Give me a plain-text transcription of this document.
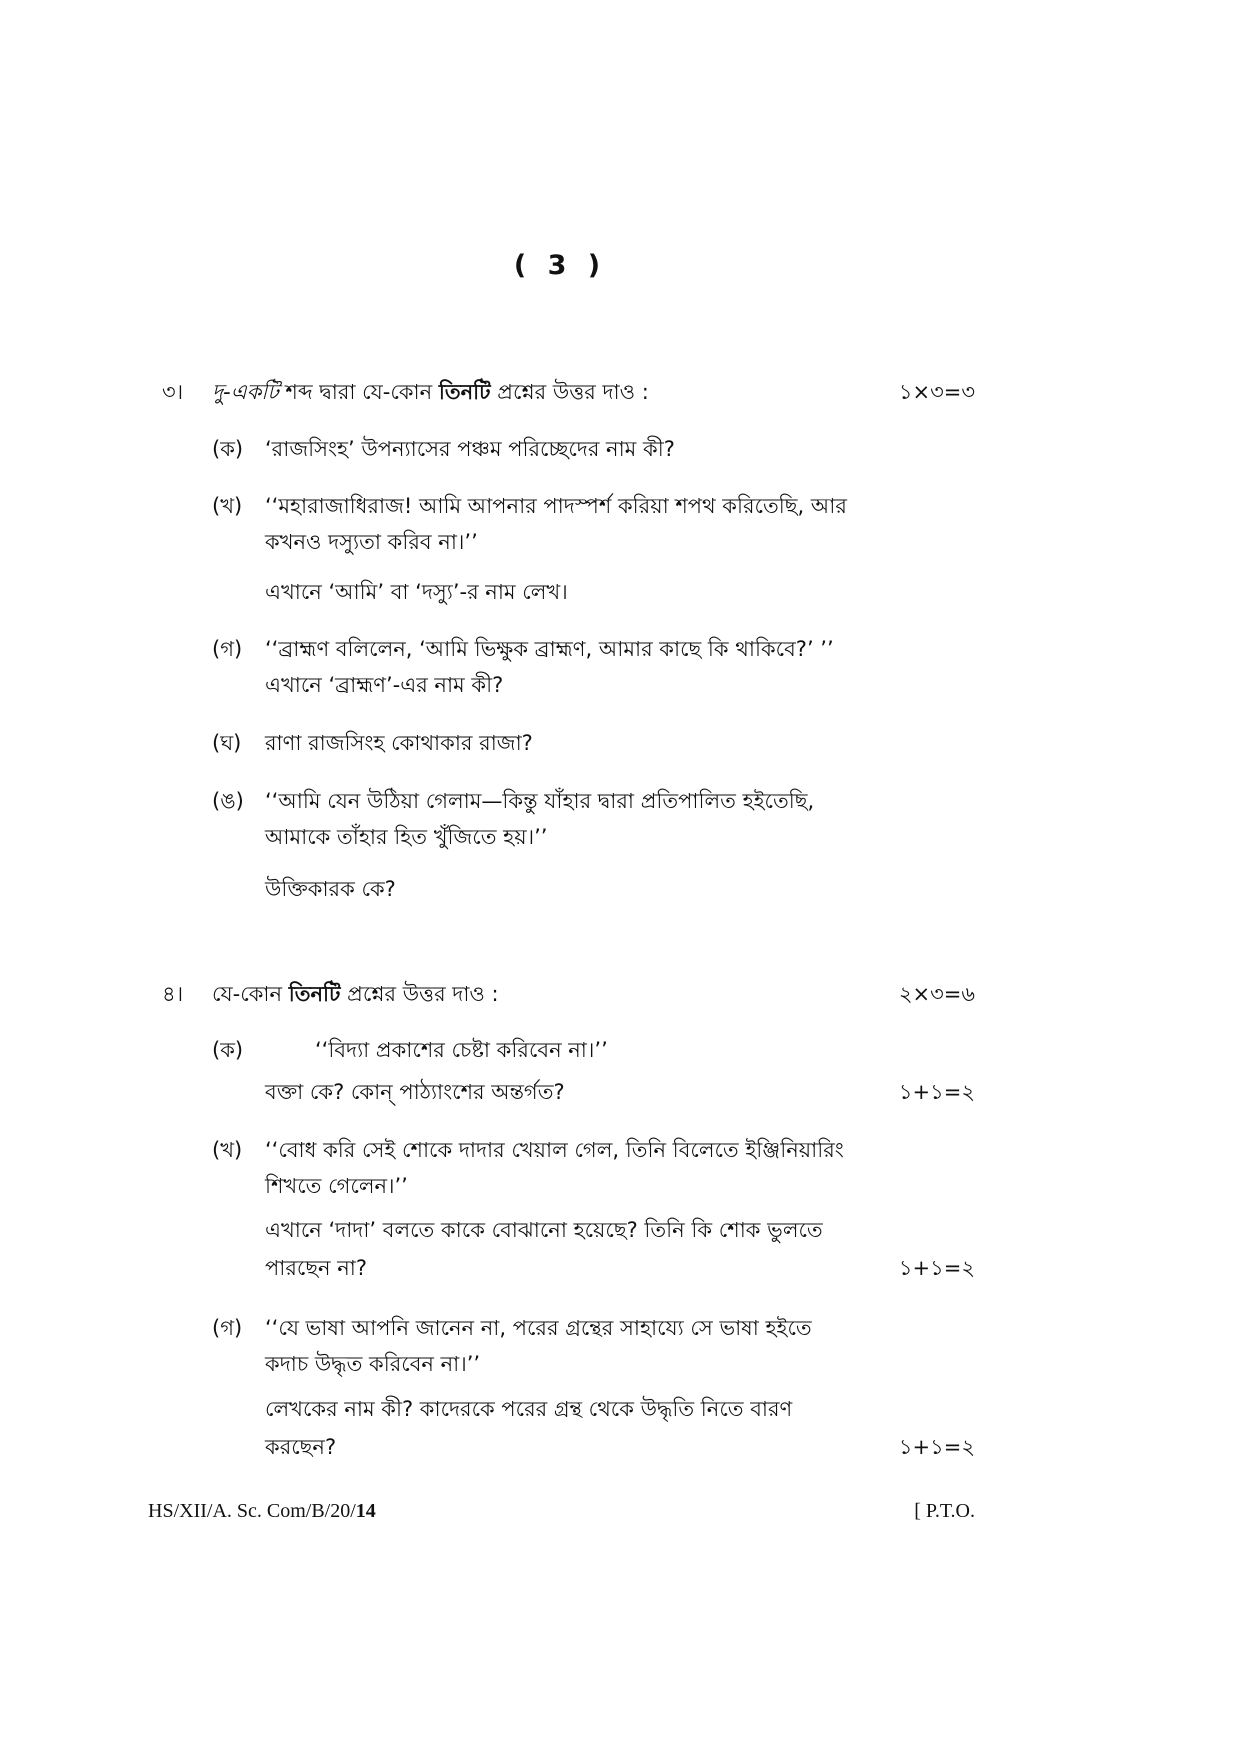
( 3 )
৩। দু-একটি শব্দ দ্বারা যে-কোন তিনটি প্রশ্নের উত্তর দাও :	১×৩=৩
(ক) ‘রাজসিংহ’ উপন্যাসের পঞ্চম পরিচ্ছেদের নাম কী?
(খ) ‘‘মহারাজাধিরাজ! আমি আপনার পাদস্পর্শ করিয়া শপথ করিতেছি, আর
কখনও দস্যুতা করিব না।’’
এখানে ‘আমি’ বা ‘দস্যু’-র নাম লেখ।
(গ) ‘‘ব্রাহ্মণ বলিলেন, ‘আমি ভিক্ষুক ব্রাহ্মণ, আমার কাছে কি থাকিবে?’ ’’
এখানে ‘ব্রাহ্মণ’-এর নাম কী?
(ঘ) রাণা রাজসিংহ কোথাকার রাজা?
(ঙ) ‘‘আমি যেন উঠিয়া গেলাম—কিন্তু যাঁহার দ্বারা প্রতিপালিত হইতেছি,
আমাকে তাঁহার হিত খুঁজিতে হয়।’’
উক্তিকারক কে?
৪। যে-কোন তিনটি প্রশ্নের উত্তর দাও :	২×৩=৬
(ক)	‘‘বিদ্যা প্রকাশের চেষ্টা করিবেন না।’’
বক্তা কে? কোন্ পাঠ্যাংশের অন্তর্গত?	১+১=২
(খ) ‘‘বোধ করি সেই শোকে দাদার খেয়াল গেল, তিনি বিলেতে ইঞ্জিনিয়ারিং
শিখতে গেলেন।’’
এখানে ‘দাদা’ বলতে কাকে বোঝানো হয়েছে? তিনি কি শোক ভুলতে
পারছেন না?	১+১=২
(গ) ‘‘যে ভাষা আপনি জানেন না, পরের গ্রন্থের সাহায্যে সে ভাষা হইতে
কদাচ উদ্ধৃত করিবেন না।’’
লেখকের নাম কী? কাদেরকে পরের গ্রন্থ থেকে উদ্ধৃতি নিতে বারণ
করছেন?	১+১=২
HS/XII/A. Sc. Com/B/20/14	[ P.T.O.
